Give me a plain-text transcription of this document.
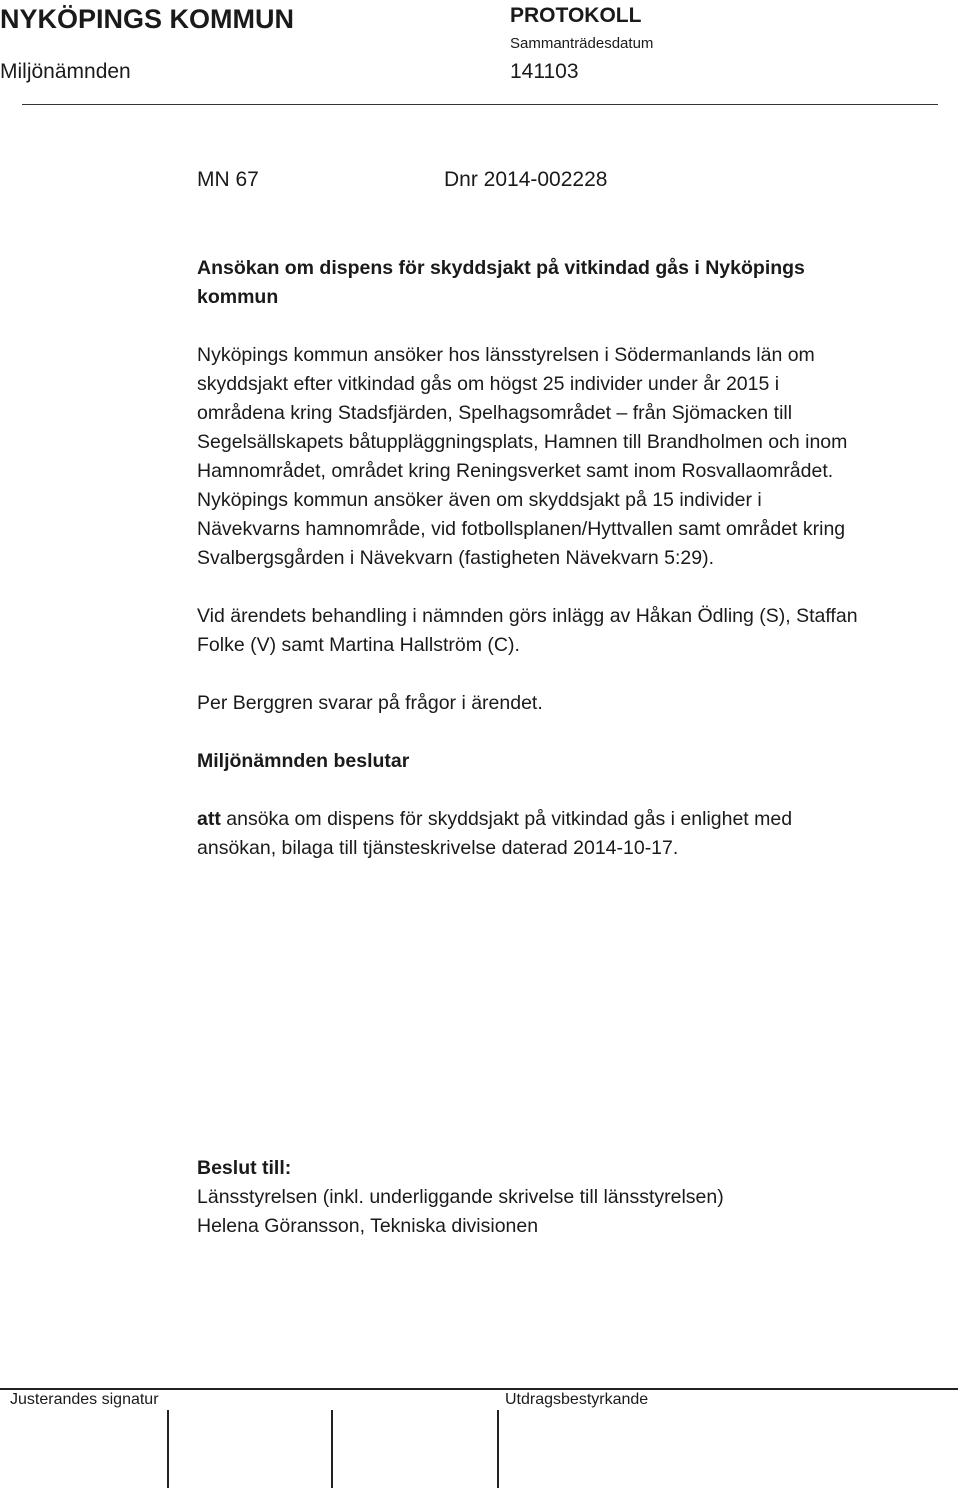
NYKÖPINGS KOMMUN	PROTOKOLL
Sammanträdesdatum
Miljönämnden	141103
MN 67	Dnr 2014-002228

Ansökan om dispens för skyddsjakt på vitkindad gås i Nyköpings
kommun

Nyköpings kommun ansöker hos länsstyrelsen i Södermanlands län om
skyddsjakt efter vitkindad gås om högst 25 individer under år 2015 i
områdena kring Stadsfjärden, Spelhagsområdet – från Sjömacken till
Segelsällskapets båtuppläggningsplats, Hamnen till Brandholmen och inom
Hamnområdet, området kring Reningsverket samt inom Rosvallaområdet.
Nyköpings kommun ansöker även om skyddsjakt på 15 individer i
Nävekvarns hamnområde, vid fotbollsplanen/Hyttvallen samt området kring
Svalbergsgården i Nävekvarn (fastigheten Nävekvarn 5:29).

Vid ärendets behandling i nämnden görs inlägg av Håkan Ödling (S), Staffan
Folke (V) samt Martina Hallström (C).

Per Berggren svarar på frågor i ärendet.

Miljönämnden beslutar

att ansöka om dispens för skyddsjakt på vitkindad gås i enlighet med
ansökan, bilaga till tjänsteskrivelse daterad 2014-10-17.

Beslut till:
Länsstyrelsen (inkl. underliggande skrivelse till länsstyrelsen)
Helena Göransson, Tekniska divisionen
Justerandes signatur	Utdragsbestyrkande
